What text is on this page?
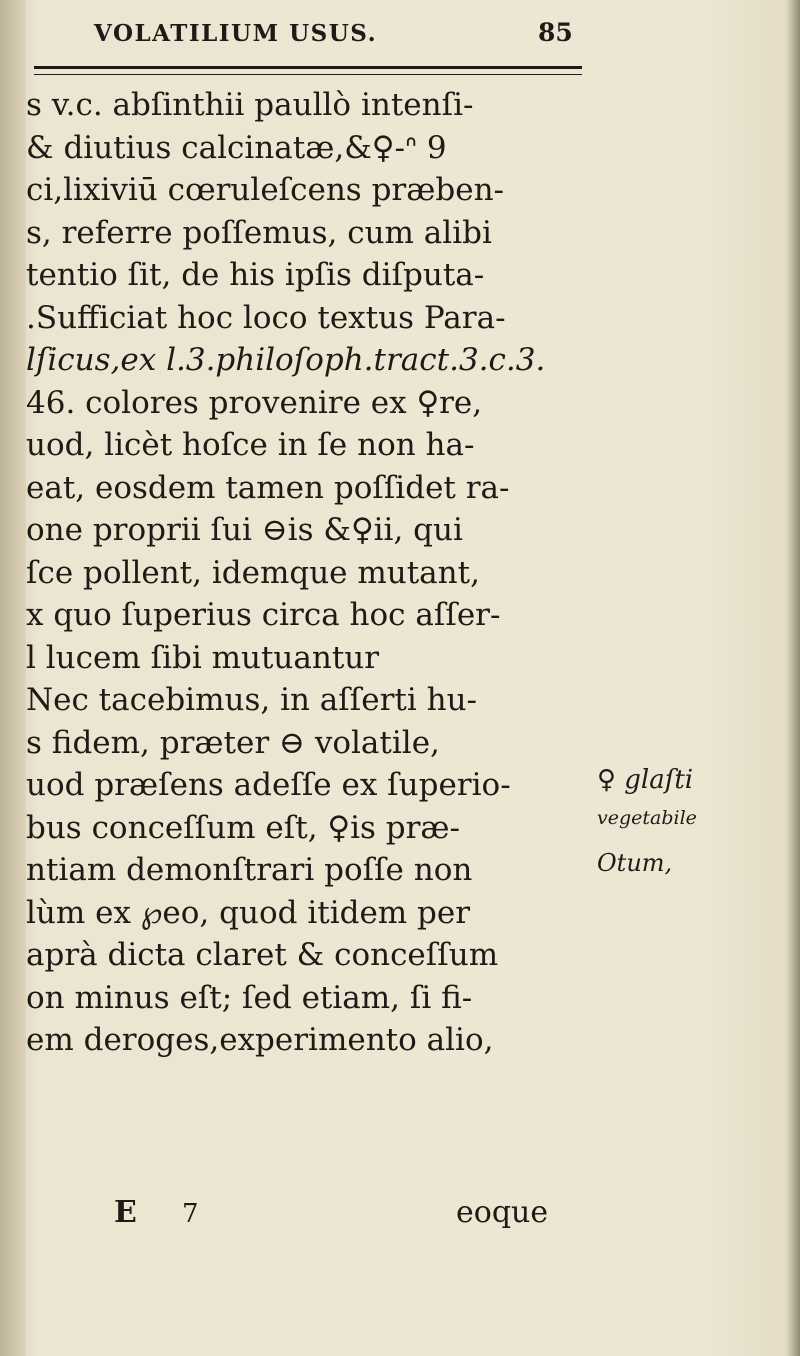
VOLATILIUM USUS.	85
s v.c. abſinthii paullò intenſi-
& diutius calcinatæ,&♀-ᐢ 9
ci,lixiviū cœruleſcens præben-
s, referre poſſemus, cum alibi
tentio ſit, de his ipſis diſputa-
.Sufficiat hoc loco textus Para-
lſicus,ex l.3.philoſoph.tract.3.c.3.
46. colores provenire ex ♀re,
uod, licèt hoſce in ſe non ha-
eat, eosdem tamen poſſidet ra-
one proprii ſui ⊖is &♀ii, qui
ſce pollent, idemque mutant,
x quo ſuperius circa hoc aſſer-
l lucem ſibi mutuantur
Nec tacebimus, in aſſerti hu-
s fidem, præter ⊖ volatile,
uod præſens adeſſe ex ſuperio-
bus conceſſum eſt, ♀is præ-
ntiam demonſtrari poſſe non
lùm ex ℘eo, quod itidem per
aprà dicta claret & conceſſum
on minus eſt; ſed etiam, ſi fi-
em deroges,experimento alio,
♀ glaſti
vegetabile
Otum,
E 7	eoque
